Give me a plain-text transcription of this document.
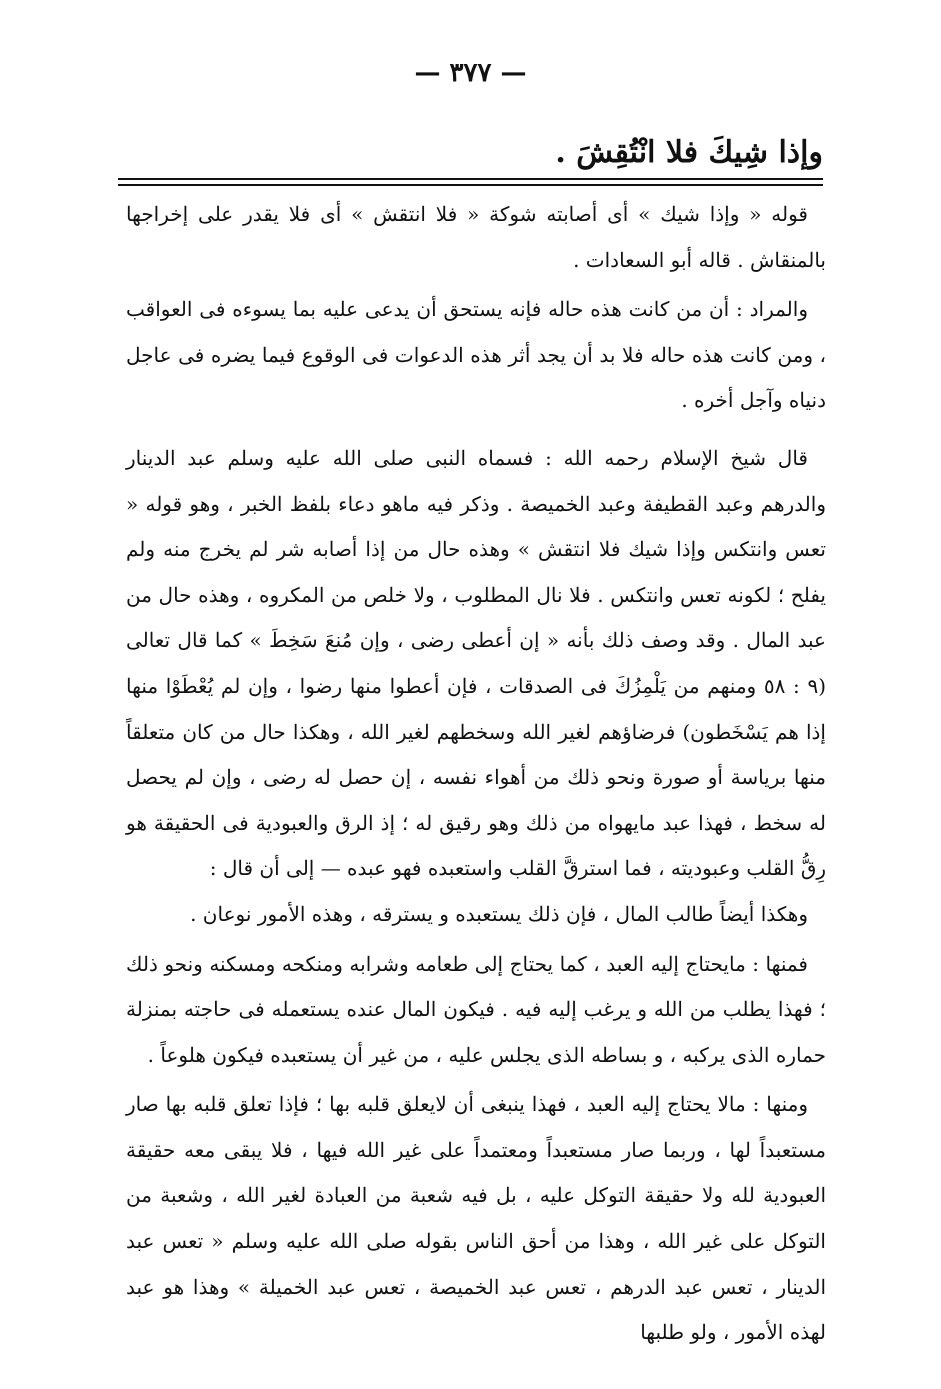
— ٣٧٧ —
وإذا شِيكَ فلا انْتُقِشَ .

قوله « وإذا شيك » أى أصابته شوكة « فلا انتقش » أى فلا يقدر على إخراجها بالمنقاش . قاله أبو السعادات .

والمراد : أن من كانت هذه حاله فإنه يستحق أن يدعى عليه بما يسوءه فى العواقب ، ومن كانت هذه حاله فلا بد أن يجد أثر هذه الدعوات فى الوقوع فيما يضره فى عاجل دنياه وآجل أخره .

قال شيخ الإسلام رحمه الله : فسماه النبى صلى الله عليه وسلم عبد الدينار والدرهم وعبد القطيفة وعبد الخميصة . وذكر فيه ماهو دعاء بلفظ الخبر ، وهو قوله « تعس وانتكس وإذا شيك فلا انتقش » وهذه حال من إذا أصابه شر لم يخرج منه ولم يفلح ؛ لكونه تعس وانتكس . فلا نال المطلوب ، ولا خلص من المكروه ، وهذه حال من عبد المال . وقد وصف ذلك بأنه « إن أعطى رضى ، وإن مُنعَ سَخِطَ » كما قال تعالى (٩ : ٥٨ ومنهم من يَلْمِزُكَ فى الصدقات ، فإن أعطوا منها رضوا ، وإن لم يُعْطَوْا منها إذا هم يَسْخَطون) فرضاؤهم لغير الله وسخطهم لغير الله ، وهكذا حال من كان متعلقاً منها برياسة أو صورة ونحو ذلك من أهواء نفسه ، إن حصل له رضى ، وإن لم يحصل له سخط ، فهذا عبد مايهواه من ذلك وهو رقيق له ؛ إذ الرق والعبودية فى الحقيقة هو رِقُّ القلب وعبوديته ، فما استرقَّ القلب واستعبده فهو عبده — إلى أن قال :

وهكذا أيضاً طالب المال ، فإن ذلك يستعبده و يسترقه ، وهذه الأمور نوعان .

فمنها : مايحتاج إليه العبد ، كما يحتاج إلى طعامه وشرابه ومنكحه ومسكنه ونحو ذلك ؛ فهذا يطلب من الله و يرغب إليه فيه . فيكون المال عنده يستعمله فى حاجته بمنزلة حماره الذى يركبه ، و بساطه الذى يجلس عليه ، من غير أن يستعبده فيكون هلوعاً .

ومنها : مالا يحتاج إليه العبد ، فهذا ينبغى أن لايعلق قلبه بها ؛ فإذا تعلق قلبه بها صار مستعبداً لها ، وربما صار مستعبداً ومعتمداً على غير الله فيها ، فلا يبقى معه حقيقة العبودية لله ولا حقيقة التوكل عليه ، بل فيه شعبة من العبادة لغير الله ، وشعبة من التوكل على غير الله ، وهذا من أحق الناس بقوله صلى الله عليه وسلم « تعس عبد الدينار ، تعس عبد الدرهم ، تعس عبد الخميصة ، تعس عبد الخميلة » وهذا هو عبد لهذه الأمور ، ولو طلبها
